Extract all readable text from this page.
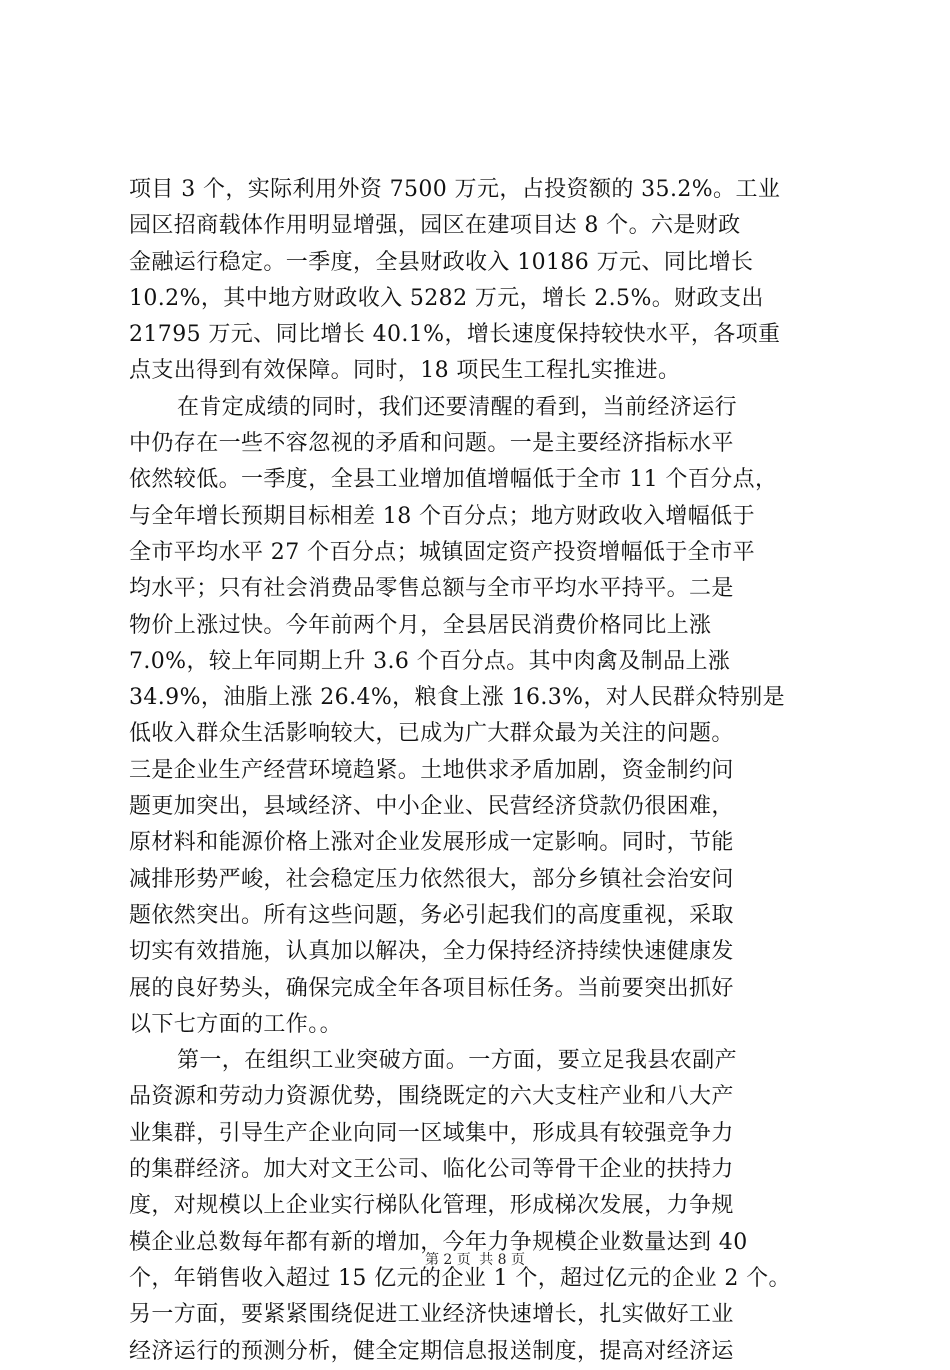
项目 3 个，实际利用外资 7500 万元，占投资额的 35.2%。工业
园区招商载体作用明显增强，园区在建项目达 8 个。六是财政
金融运行稳定。一季度，全县财政收入 10186 万元、同比增长
10.2%，其中地方财政收入 5282 万元，增长 2.5%。财政支出
21795 万元、同比增长 40.1%，增长速度保持较快水平，各项重
点支出得到有效保障。同时，18 项民生工程扎实推进。
在肯定成绩的同时，我们还要清醒的看到，当前经济运行
中仍存在一些不容忽视的矛盾和问题。一是主要经济指标水平
依然较低。一季度，全县工业增加值增幅低于全市 11 个百分点，
与全年增长预期目标相差 18 个百分点；地方财政收入增幅低于
全市平均水平 27 个百分点；城镇固定资产投资增幅低于全市平
均水平；只有社会消费品零售总额与全市平均水平持平。二是
物价上涨过快。今年前两个月，全县居民消费价格同比上涨
7.0%，较上年同期上升 3.6 个百分点。其中肉禽及制品上涨
34.9%，油脂上涨 26.4%，粮食上涨 16.3%，对人民群众特别是
低收入群众生活影响较大，已成为广大群众最为关注的问题。
三是企业生产经营环境趋紧。土地供求矛盾加剧，资金制约问
题更加突出，县域经济、中小企业、民营经济贷款仍很困难，
原材料和能源价格上涨对企业发展形成一定影响。同时，节能
减排形势严峻，社会稳定压力依然很大，部分乡镇社会治安问
题依然突出。所有这些问题，务必引起我们的高度重视，采取
切实有效措施，认真加以解决，全力保持经济持续快速健康发
展的良好势头，确保完成全年各项目标任务。当前要突出抓好
以下七方面的工作。。
第一，在组织工业突破方面。一方面，要立足我县农副产
品资源和劳动力资源优势，围绕既定的六大支柱产业和八大产
业集群，引导生产企业向同一区域集中，形成具有较强竞争力
的集群经济。加大对文王公司、临化公司等骨干企业的扶持力
度，对规模以上企业实行梯队化管理，形成梯次发展，力争规
模企业总数每年都有新的增加，今年力争规模企业数量达到 40
个，年销售收入超过 15 亿元的企业 1 个，超过亿元的企业 2 个。
另一方面，要紧紧围绕促进工业经济快速增长，扎实做好工业
经济运行的预测分析，健全定期信息报送制度，提高对经济运
第 2 页 共 8 页
